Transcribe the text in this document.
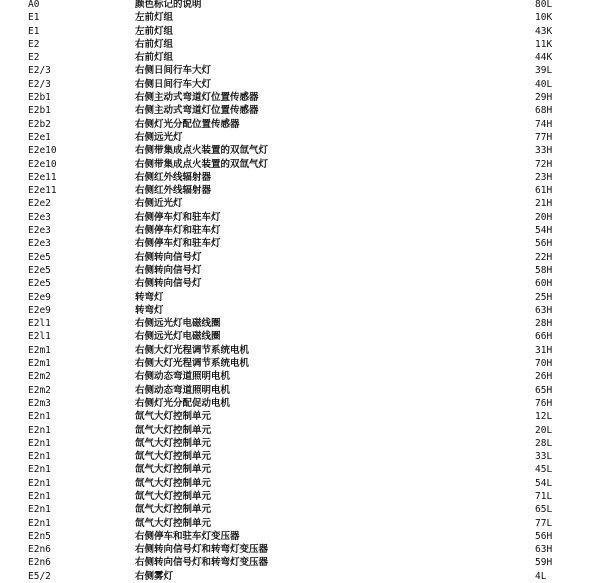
A0	颜色标记的说明	80L
E1	左前灯组	10K
E1	左前灯组	43K
E2	右前灯组	11K
E2	右前灯组	44K
E2/3	右侧日间行车大灯	39L
E2/3	右侧日间行车大灯	40L
E2b1	右侧主动式弯道灯位置传感器	29H
E2b1	右侧主动式弯道灯位置传感器	68H
E2b2	右侧灯光分配位置传感器	74H
E2e1	右侧远光灯	77H
E2e10	右侧带集成点火装置的双氙气灯	33H
E2e10	右侧带集成点火装置的双氙气灯	72H
E2e11	右侧红外线辐射器	23H
E2e11	右侧红外线辐射器	61H
E2e2	右侧近光灯	21H
E2e3	右侧停车灯和驻车灯	20H
E2e3	右侧停车灯和驻车灯	54H
E2e3	右侧停车灯和驻车灯	56H
E2e5	右侧转向信号灯	22H
E2e5	右侧转向信号灯	58H
E2e5	右侧转向信号灯	60H
E2e9	转弯灯	25H
E2e9	转弯灯	63H
E2l1	右侧远光灯电磁线圈	28H
E2l1	右侧远光灯电磁线圈	66H
E2m1	右侧大灯光程调节系统电机	31H
E2m1	右侧大灯光程调节系统电机	70H
E2m2	右侧动态弯道照明电机	26H
E2m2	右侧动态弯道照明电机	65H
E2m3	右侧灯光分配促动电机	76H
E2n1	氙气大灯控制单元	12L
E2n1	氙气大灯控制单元	20L
E2n1	氙气大灯控制单元	28L
E2n1	氙气大灯控制单元	33L
E2n1	氙气大灯控制单元	45L
E2n1	氙气大灯控制单元	54L
E2n1	氙气大灯控制单元	71L
E2n1	氙气大灯控制单元	65L
E2n1	氙气大灯控制单元	77L
E2n5	右侧停车和驻车灯变压器	56H
E2n6	右侧转向信号灯和转弯灯变压器	63H
E2n6	右侧转向信号灯和转弯灯变压器	59H
E5/2	右侧雾灯	4L
